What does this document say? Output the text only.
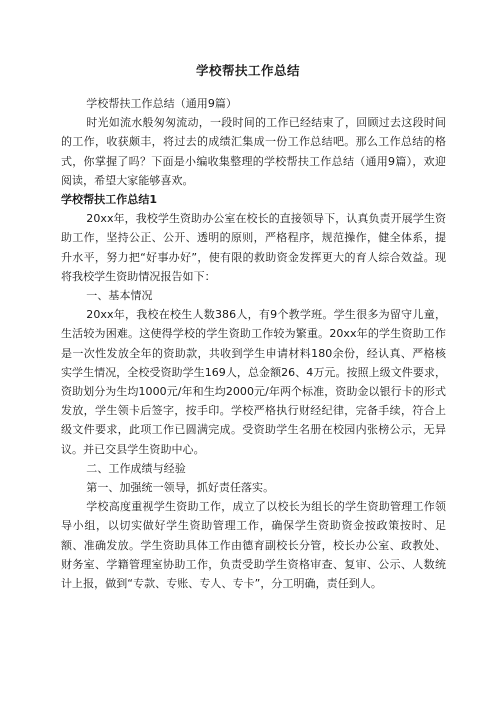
学校帮扶工作总结

学校帮扶工作总结（通用9篇）

时光如流水般匆匆流动，一段时间的工作已经结束了，回顾过去这段时间的工作，收获颇丰，将过去的成绩汇集成一份工作总结吧。那么工作总结的格式，你掌握了吗？下面是小编收集整理的学校帮扶工作总结（通用9篇），欢迎阅读，希望大家能够喜欢。

学校帮扶工作总结1

20xx年，我校学生资助办公室在校长的直接领导下，认真负责开展学生资助工作，坚持公正、公开、透明的原则，严格程序，规范操作，健全体系，提升水平，努力把“好事办好”，使有限的救助资金发挥更大的育人综合效益。现将我校学生资助情况报告如下：

一、基本情况

20xx年，我校在校生人数386人，有9个教学班。学生很多为留守儿童，生活较为困难。这使得学校的学生资助工作较为繁重。20xx年的学生资助工作是一次性发放全年的资助款，共收到学生申请材料180余份，经认真、严格核实学生情况，全校受资助学生169人，总金额26、4万元。按照上级文件要求，资助划分为生均1000元/年和生均2000元/年两个标准，资助金以银行卡的形式发放，学生领卡后签字，按手印。学校严格执行财经纪律，完备手续，符合上级文件要求，此项工作已圆满完成。受资助学生名册在校园内张榜公示，无异议。并已交县学生资助中心。

二、工作成绩与经验

第一、加强统一领导，抓好责任落实。

学校高度重视学生资助工作，成立了以校长为组长的学生资助管理工作领导小组，以切实做好学生资助管理工作，确保学生资助资金按政策按时、足额、准确发放。学生资助具体工作由德育副校长分管，校长办公室、政教处、财务室、学籍管理室协助工作，负责受助学生资格审查、复审、公示、人数统计上报，做到“专款、专账、专人、专卡”，分工明确，责任到人。
